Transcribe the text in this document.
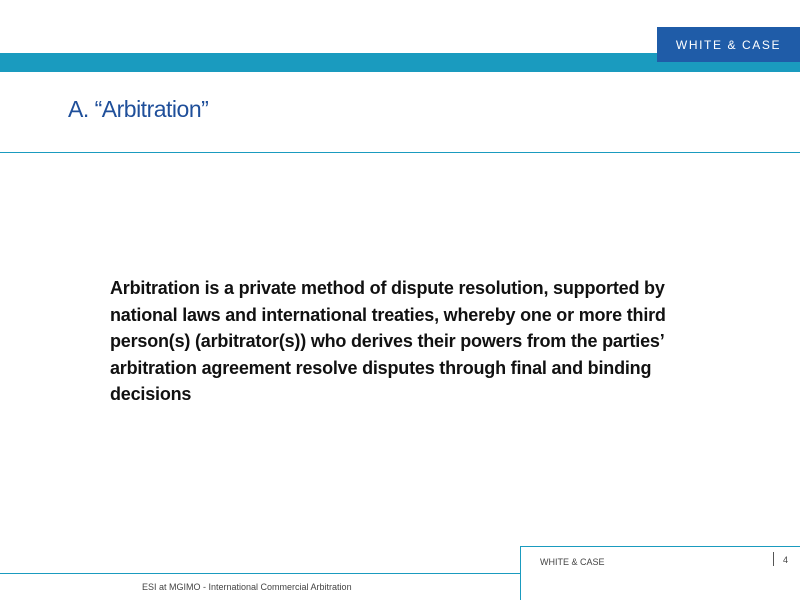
WHITE & CASE
A. “Arbitration”
Arbitration is a private method of dispute resolution, supported by national laws and international treaties, whereby one or more third person(s) (arbitrator(s)) who derives their powers from the parties’ arbitration agreement resolve disputes through final and binding decisions
WHITE & CASE	4
ESI at MGIMO - International Commercial Arbitration
